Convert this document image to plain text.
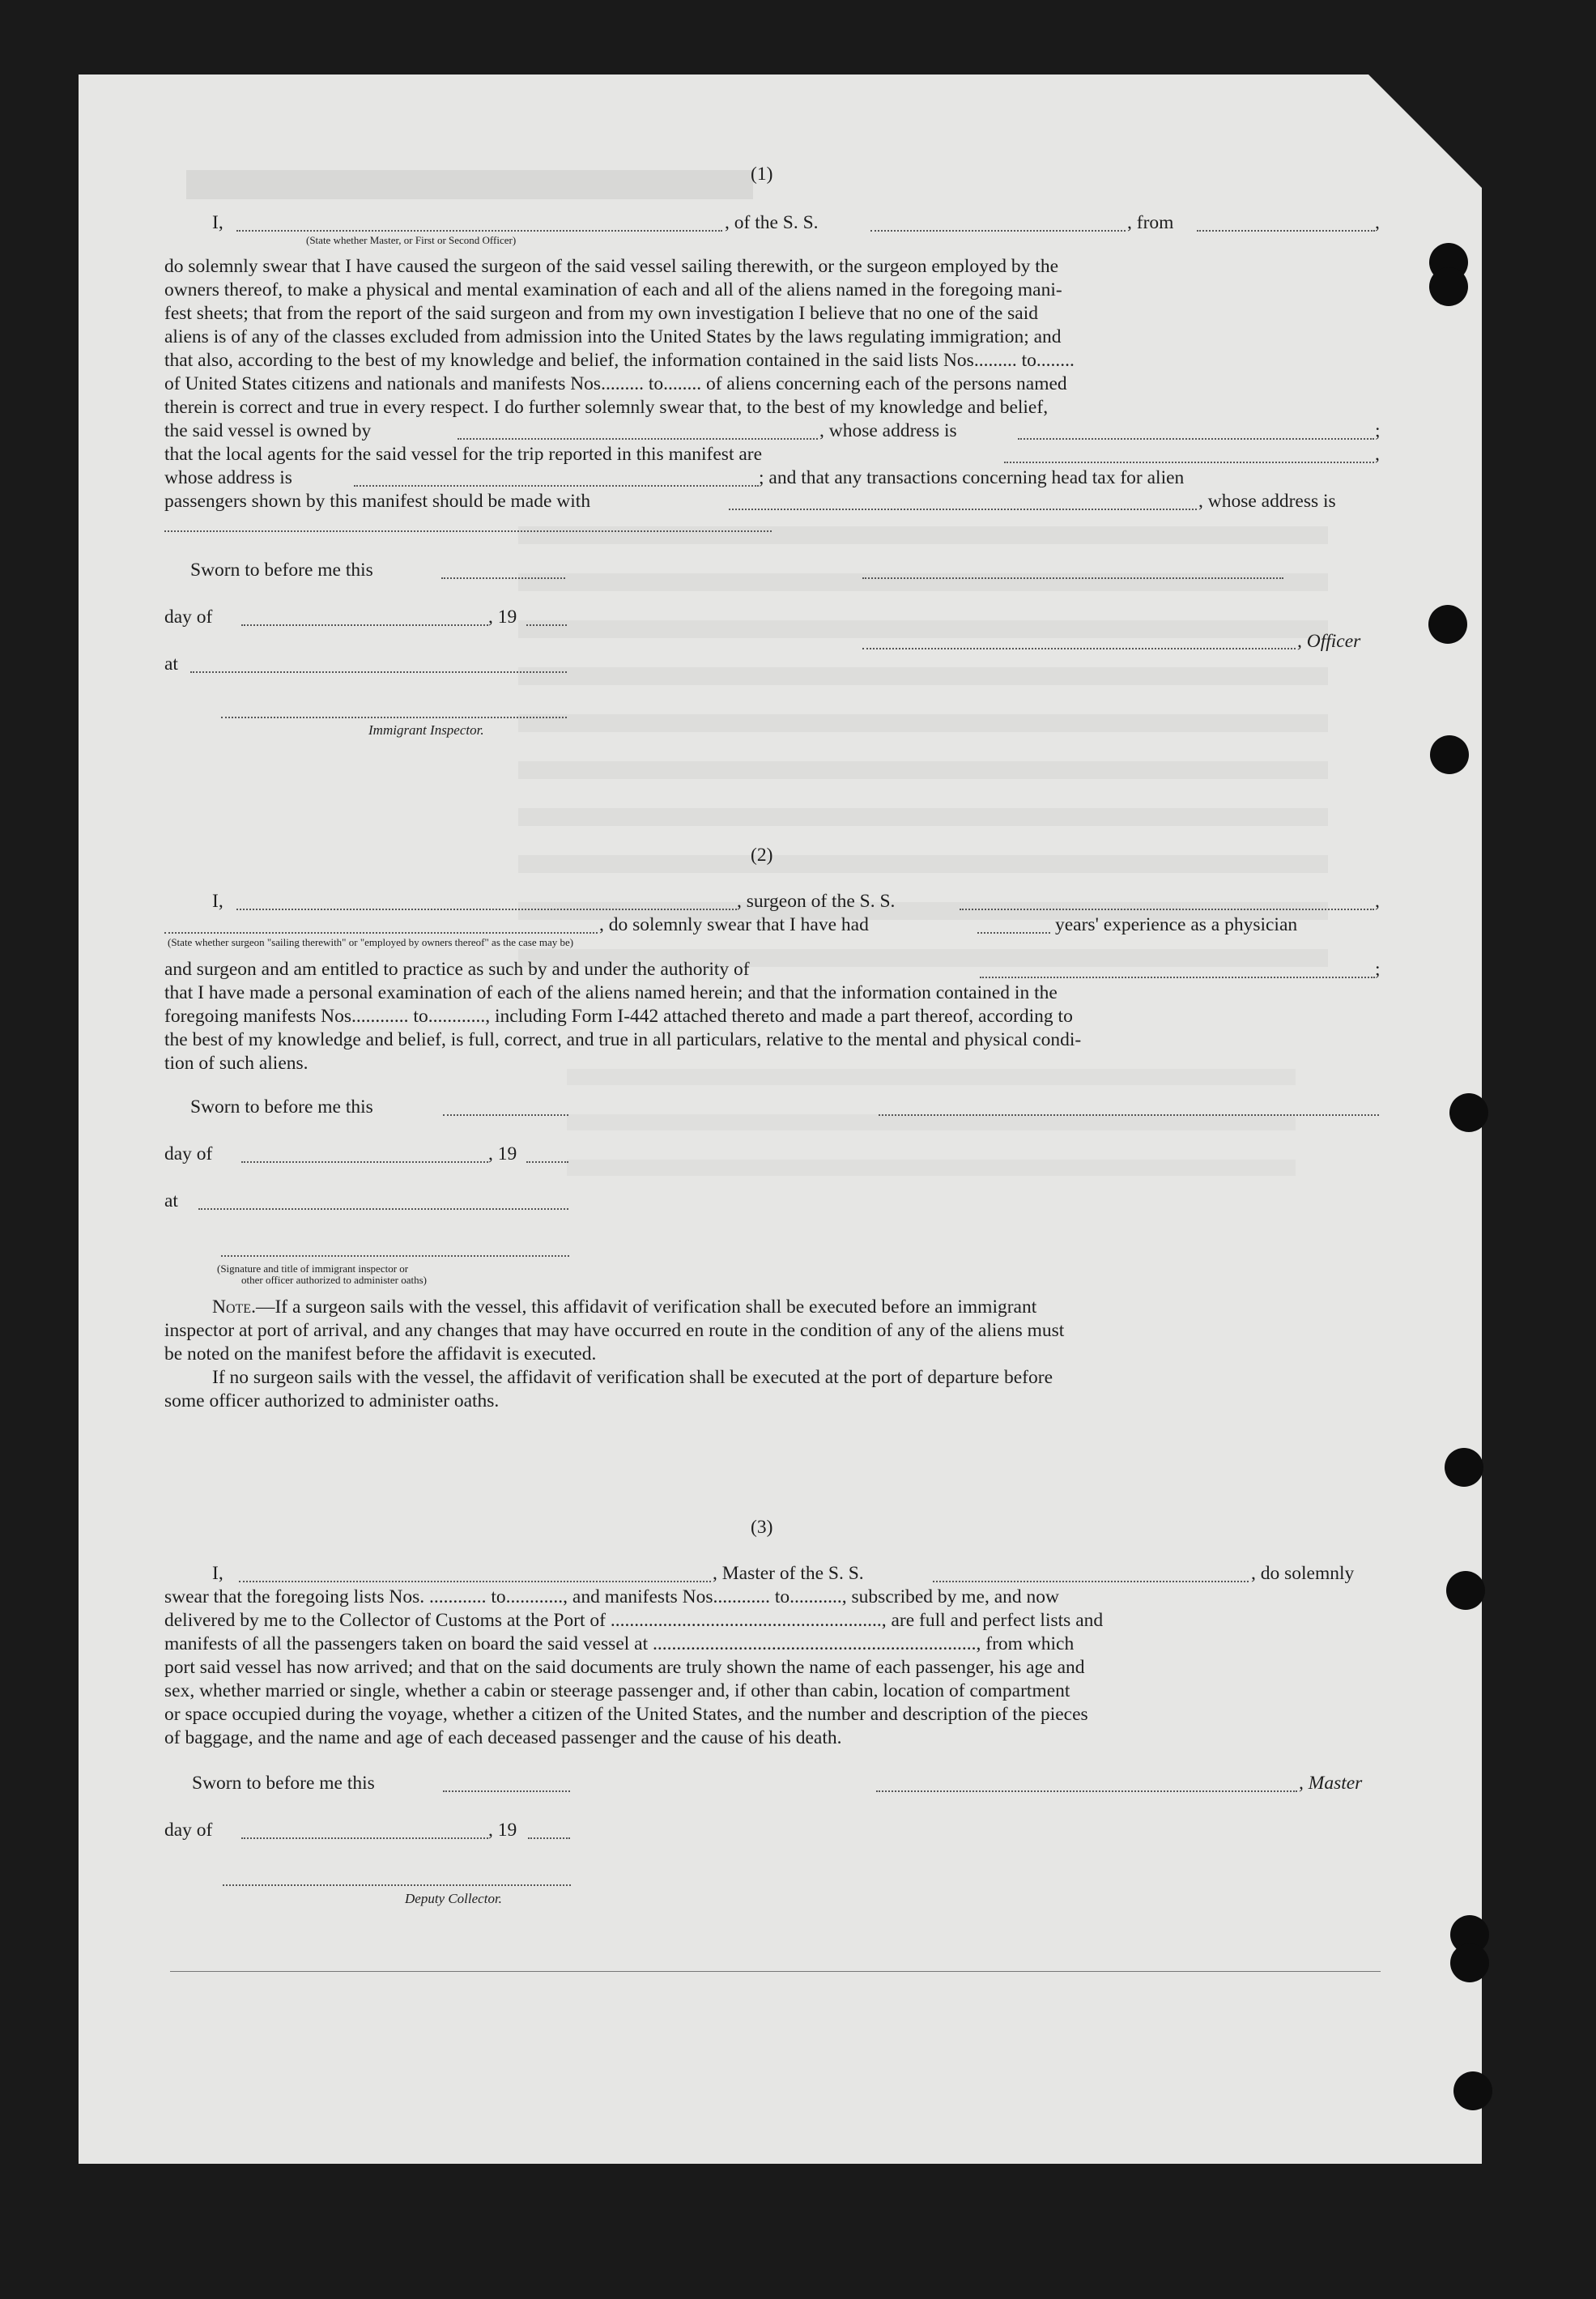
(1)
I,	, of the S. S.	, from	,
(State whether Master, or First or Second Officer)
do solemnly swear that I have caused the surgeon of the said vessel sailing therewith, or the surgeon employed by the
owners thereof, to make a physical and mental examination of each and all of the aliens named in the foregoing mani-
fest sheets; that from the report of the said surgeon and from my own investigation I believe that no one of the said
aliens is of any of the classes excluded from admission into the United States by the laws regulating immigration; and
that also, according to the best of my knowledge and belief, the information contained in the said lists Nos......... to........
of United States citizens and nationals and manifests Nos......... to........ of aliens concerning each of the persons named
therein is correct and true in every respect. I do further solemnly swear that, to the best of my knowledge and belief,
the said vessel is owned by	, whose address is	;
that the local agents for the said vessel for the trip reported in this manifest are	,
whose address is	; and that any transactions concerning head tax for alien
passengers shown by this manifest should be made with	, whose address is
Sworn to before me this
day of	, 19
, Officer
at
Immigrant Inspector.
(2)
I,	, surgeon of the S. S.	,
, do solemnly swear that I have had	years' experience as a physician
(State whether surgeon "sailing therewith" or "employed by owners thereof" as the case may be)
and surgeon and am entitled to practice as such by and under the authority of	;
that I have made a personal examination of each of the aliens named herein; and that the information contained in the
foregoing manifests Nos............ to............, including Form I-442 attached thereto and made a part thereof, according to
the best of my knowledge and belief, is full, correct, and true in all particulars, relative to the mental and physical condi-
tion of such aliens.
Sworn to before me this
day of	, 19
at
(Signature and title of immigrant inspector or
other officer authorized to administer oaths)
Note.—If a surgeon sails with the vessel, this affidavit of verification shall be executed before an immigrant
inspector at port of arrival, and any changes that may have occurred en route in the condition of any of the aliens must
be noted on the manifest before the affidavit is executed.
If no surgeon sails with the vessel, the affidavit of verification shall be executed at the port of departure before
some officer authorized to administer oaths.
(3)
I,	, Master of the S. S.	, do solemnly
swear that the foregoing lists Nos. ............ to............, and manifests Nos............ to..........., subscribed by me, and now
delivered by me to the Collector of Customs at the Port of ........................................................., are full and perfect lists and
manifests of all the passengers taken on board the said vessel at ...................................................................., from which
port said vessel has now arrived; and that on the said documents are truly shown the name of each passenger, his age and
sex, whether married or single, whether a cabin or steerage passenger and, if other than cabin, location of compartment
or space occupied during the voyage, whether a citizen of the United States, and the number and description of the pieces
of baggage, and the name and age of each deceased passenger and the cause of his death.
Sworn to before me this	, Master
day of	, 19
Deputy Collector.
